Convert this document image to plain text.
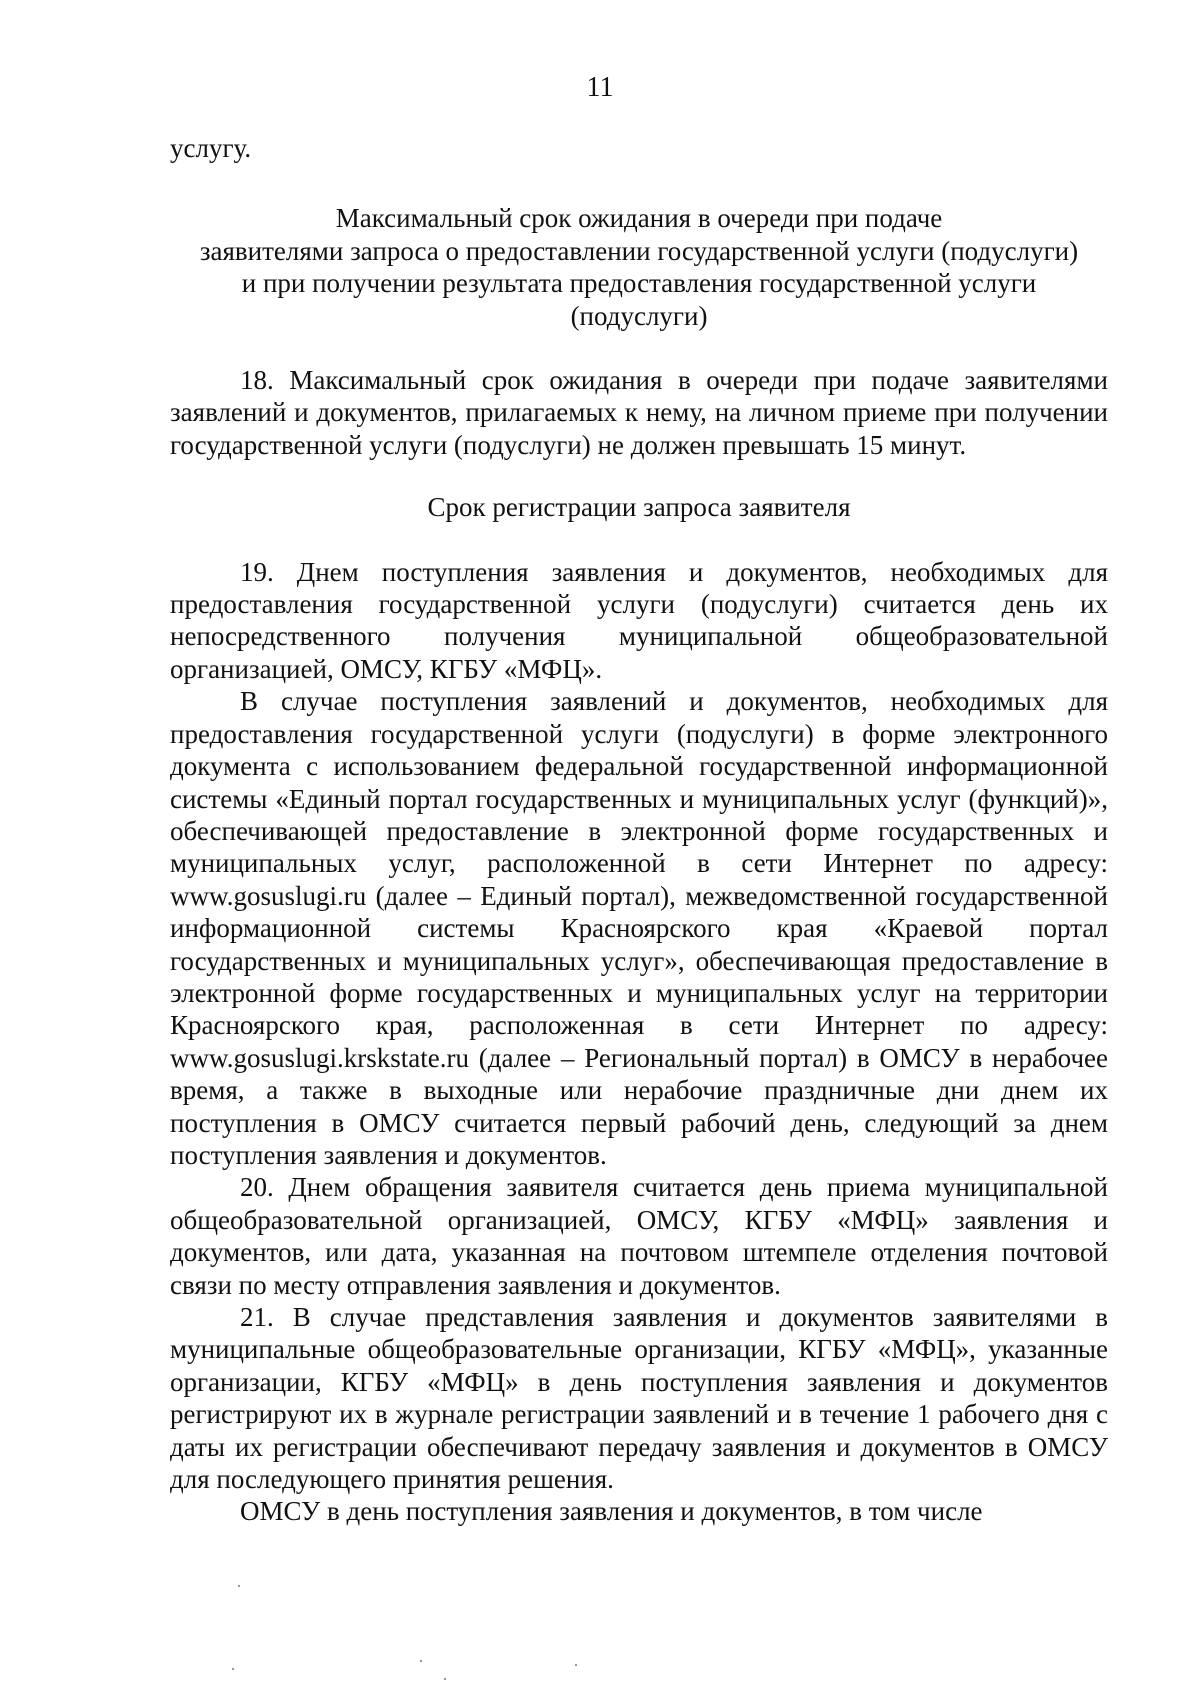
11

услугу.

Максимальный срок ожидания в очереди при подаче
заявителями запроса о предоставлении государственной услуги (подуслуги)
и при получении результата предоставления государственной услуги
(подуслуги)

18. Максимальный срок ожидания в очереди при подаче заявителями заявлений и документов, прилагаемых к нему, на личном приеме при получении государственной услуги (подуслуги) не должен превышать 15 минут.

Срок регистрации запроса заявителя

19. Днем поступления заявления и документов, необходимых для предоставления государственной услуги (подуслуги) считается день их непосредственного получения муниципальной общеобразовательной организацией, ОМСУ, КГБУ «МФЦ».

В случае поступления заявлений и документов, необходимых для предоставления государственной услуги (подуслуги) в форме электронного документа с использованием федеральной государственной информационной системы «Единый портал государственных и муниципальных услуг (функций)», обеспечивающей предоставление в электронной форме государственных и муниципальных услуг, расположенной в сети Интернет по адресу: www.gosuslugi.ru (далее – Единый портал), межведомственной государственной информационной системы Красноярского края «Краевой портал государственных и муниципальных услуг», обеспечивающая предоставление в электронной форме государственных и муниципальных услуг на территории Красноярского края, расположенная в сети Интернет по адресу: www.gosuslugi.krskstate.ru (далее – Региональный портал) в ОМСУ в нерабочее время, а также в выходные или нерабочие праздничные дни днем их поступления в ОМСУ считается первый рабочий день, следующий за днем поступления заявления и документов.

20. Днем обращения заявителя считается день приема муниципальной общеобразовательной организацией, ОМСУ, КГБУ «МФЦ» заявления и документов, или дата, указанная на почтовом штемпеле отделения почтовой связи по месту отправления заявления и документов.

21. В случае представления заявления и документов заявителями в муниципальные общеобразовательные организации, КГБУ «МФЦ», указанные организации, КГБУ «МФЦ» в день поступления заявления и документов регистрируют их в журнале регистрации заявлений и в течение 1 рабочего дня с даты их регистрации обеспечивают передачу заявления и документов в ОМСУ для последующего принятия решения.

ОМСУ в день поступления заявления и документов, в том числе
